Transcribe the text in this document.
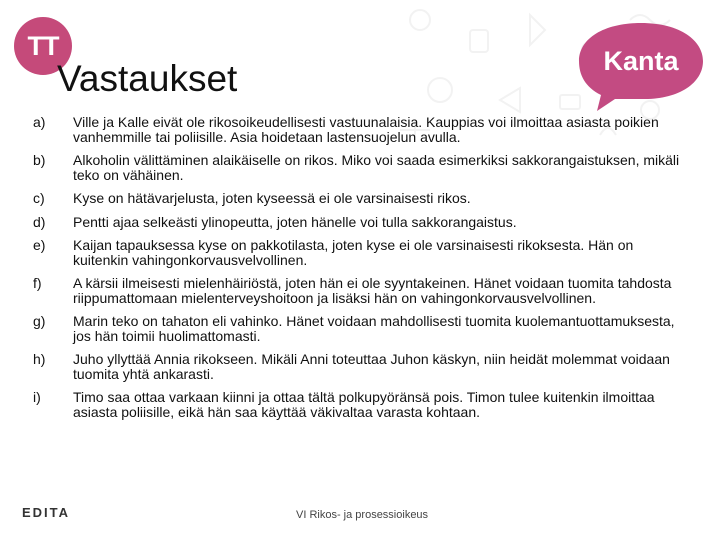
TT
Kanta
Vastaukset
a)	Ville ja Kalle eivät ole rikosoikeudellisesti vastuunalaisia. Kauppias voi ilmoittaa asiasta poikien vanhemmille tai poliisille. Asia hoidetaan lastensuojelun avulla.
b)	Alkoholin välittäminen alaikäiselle on rikos. Miko voi saada esimerkiksi sakkorangaistuksen, mikäli teko on vähäinen.
c)	Kyse on hätävarjelusta, joten kyseessä ei ole varsinaisesti rikos.
d)	Pentti ajaa selkeästi ylinopeutta, joten hänelle voi tulla sakkorangaistus.
e)	Kaijan tapauksessa kyse on pakkotilasta, joten kyse ei ole varsinaisesti rikoksesta. Hän on kuitenkin vahingonkorvausvelvollinen.
f)	A kärsii ilmeisesti mielenhäiriöstä, joten hän ei ole syyntakeinen. Hänet voidaan tuomita tahdosta riippumattomaan mielenterveyshoitoon ja lisäksi hän on vahingonkorvausvelvollinen.
g)	Marin teko on tahaton eli vahinko. Hänet voidaan mahdollisesti tuomita kuolemantuottamuksesta, jos hän toimii huolimattomasti.
h)	Juho yllyttää Annia rikokseen. Mikäli Anni toteuttaa Juhon käskyn, niin heidät molemmat voidaan tuomita yhtä ankarasti.
i)	Timo saa ottaa varkaan kiinni ja ottaa tältä polkupyöränsä pois. Timon tulee kuitenkin ilmoittaa asiasta poliisille, eikä hän saa käyttää väkivaltaa varasta kohtaan.
EDITA	VI Rikos- ja prosessioikeus
